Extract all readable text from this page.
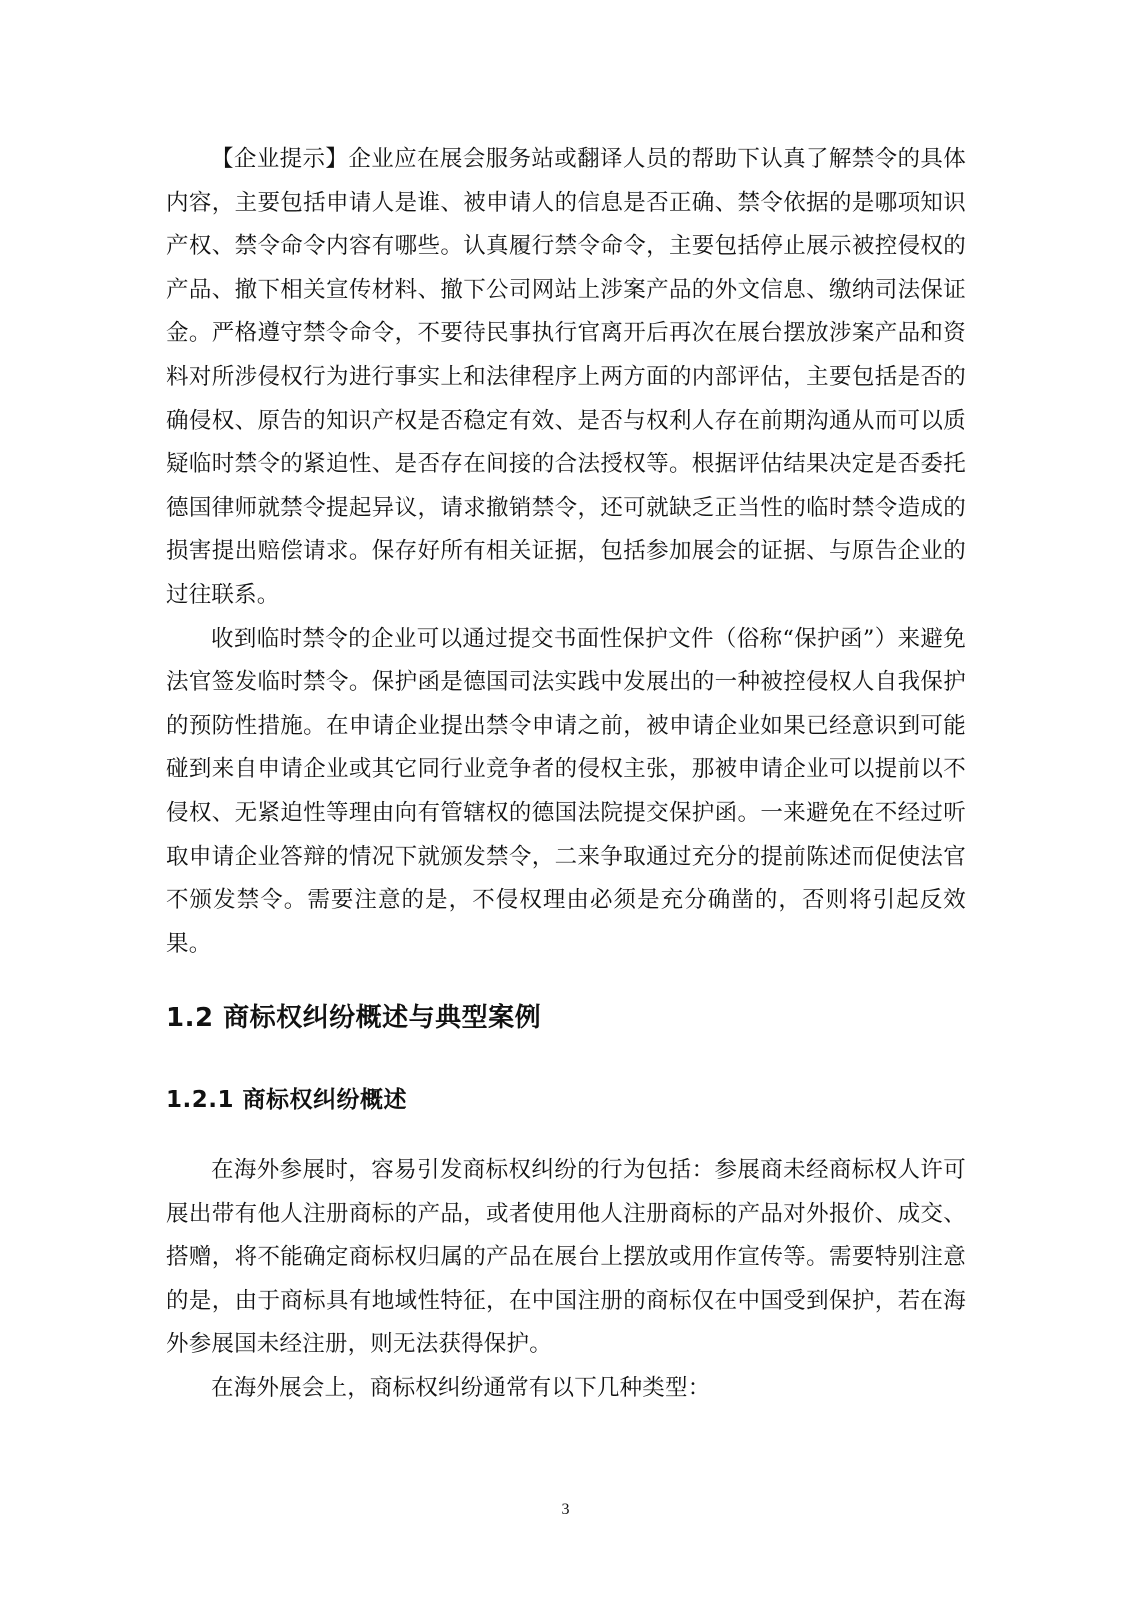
【企业提示】企业应在展会服务站或翻译人员的帮助下认真了解禁令的具体内容，主要包括申请人是谁、被申请人的信息是否正确、禁令依据的是哪项知识产权、禁令命令内容有哪些。认真履行禁令命令，主要包括停止展示被控侵权的产品、撤下相关宣传材料、撤下公司网站上涉案产品的外文信息、缴纳司法保证金。严格遵守禁令命令，不要待民事执行官离开后再次在展台摆放涉案产品和资料对所涉侵权行为进行事实上和法律程序上两方面的内部评估，主要包括是否的确侵权、原告的知识产权是否稳定有效、是否与权利人存在前期沟通从而可以质疑临时禁令的紧迫性、是否存在间接的合法授权等。根据评估结果决定是否委托德国律师就禁令提起异议，请求撤销禁令，还可就缺乏正当性的临时禁令造成的损害提出赔偿请求。保存好所有相关证据，包括参加展会的证据、与原告企业的过往联系。

收到临时禁令的企业可以通过提交书面性保护文件（俗称“保护函”）来避免法官签发临时禁令。保护函是德国司法实践中发展出的一种被控侵权人自我保护的预防性措施。在申请企业提出禁令申请之前，被申请企业如果已经意识到可能碰到来自申请企业或其它同行业竞争者的侵权主张，那被申请企业可以提前以不侵权、无紧迫性等理由向有管辖权的德国法院提交保护函。一来避免在不经过听取申请企业答辩的情况下就颁发禁令，二来争取通过充分的提前陈述而促使法官不颁发禁令。需要注意的是，不侵权理由必须是充分确凿的，否则将引起反效果。

1.2 商标权纠纷概述与典型案例
1.2.1 商标权纠纷概述

在海外参展时，容易引发商标权纠纷的行为包括：参展商未经商标权人许可展出带有他人注册商标的产品，或者使用他人注册商标的产品对外报价、成交、搭赠，将不能确定商标权归属的产品在展台上摆放或用作宣传等。需要特别注意的是，由于商标具有地域性特征，在中国注册的商标仅在中国受到保护，若在海外参展国未经注册，则无法获得保护。

在海外展会上，商标权纠纷通常有以下几种类型：

3
